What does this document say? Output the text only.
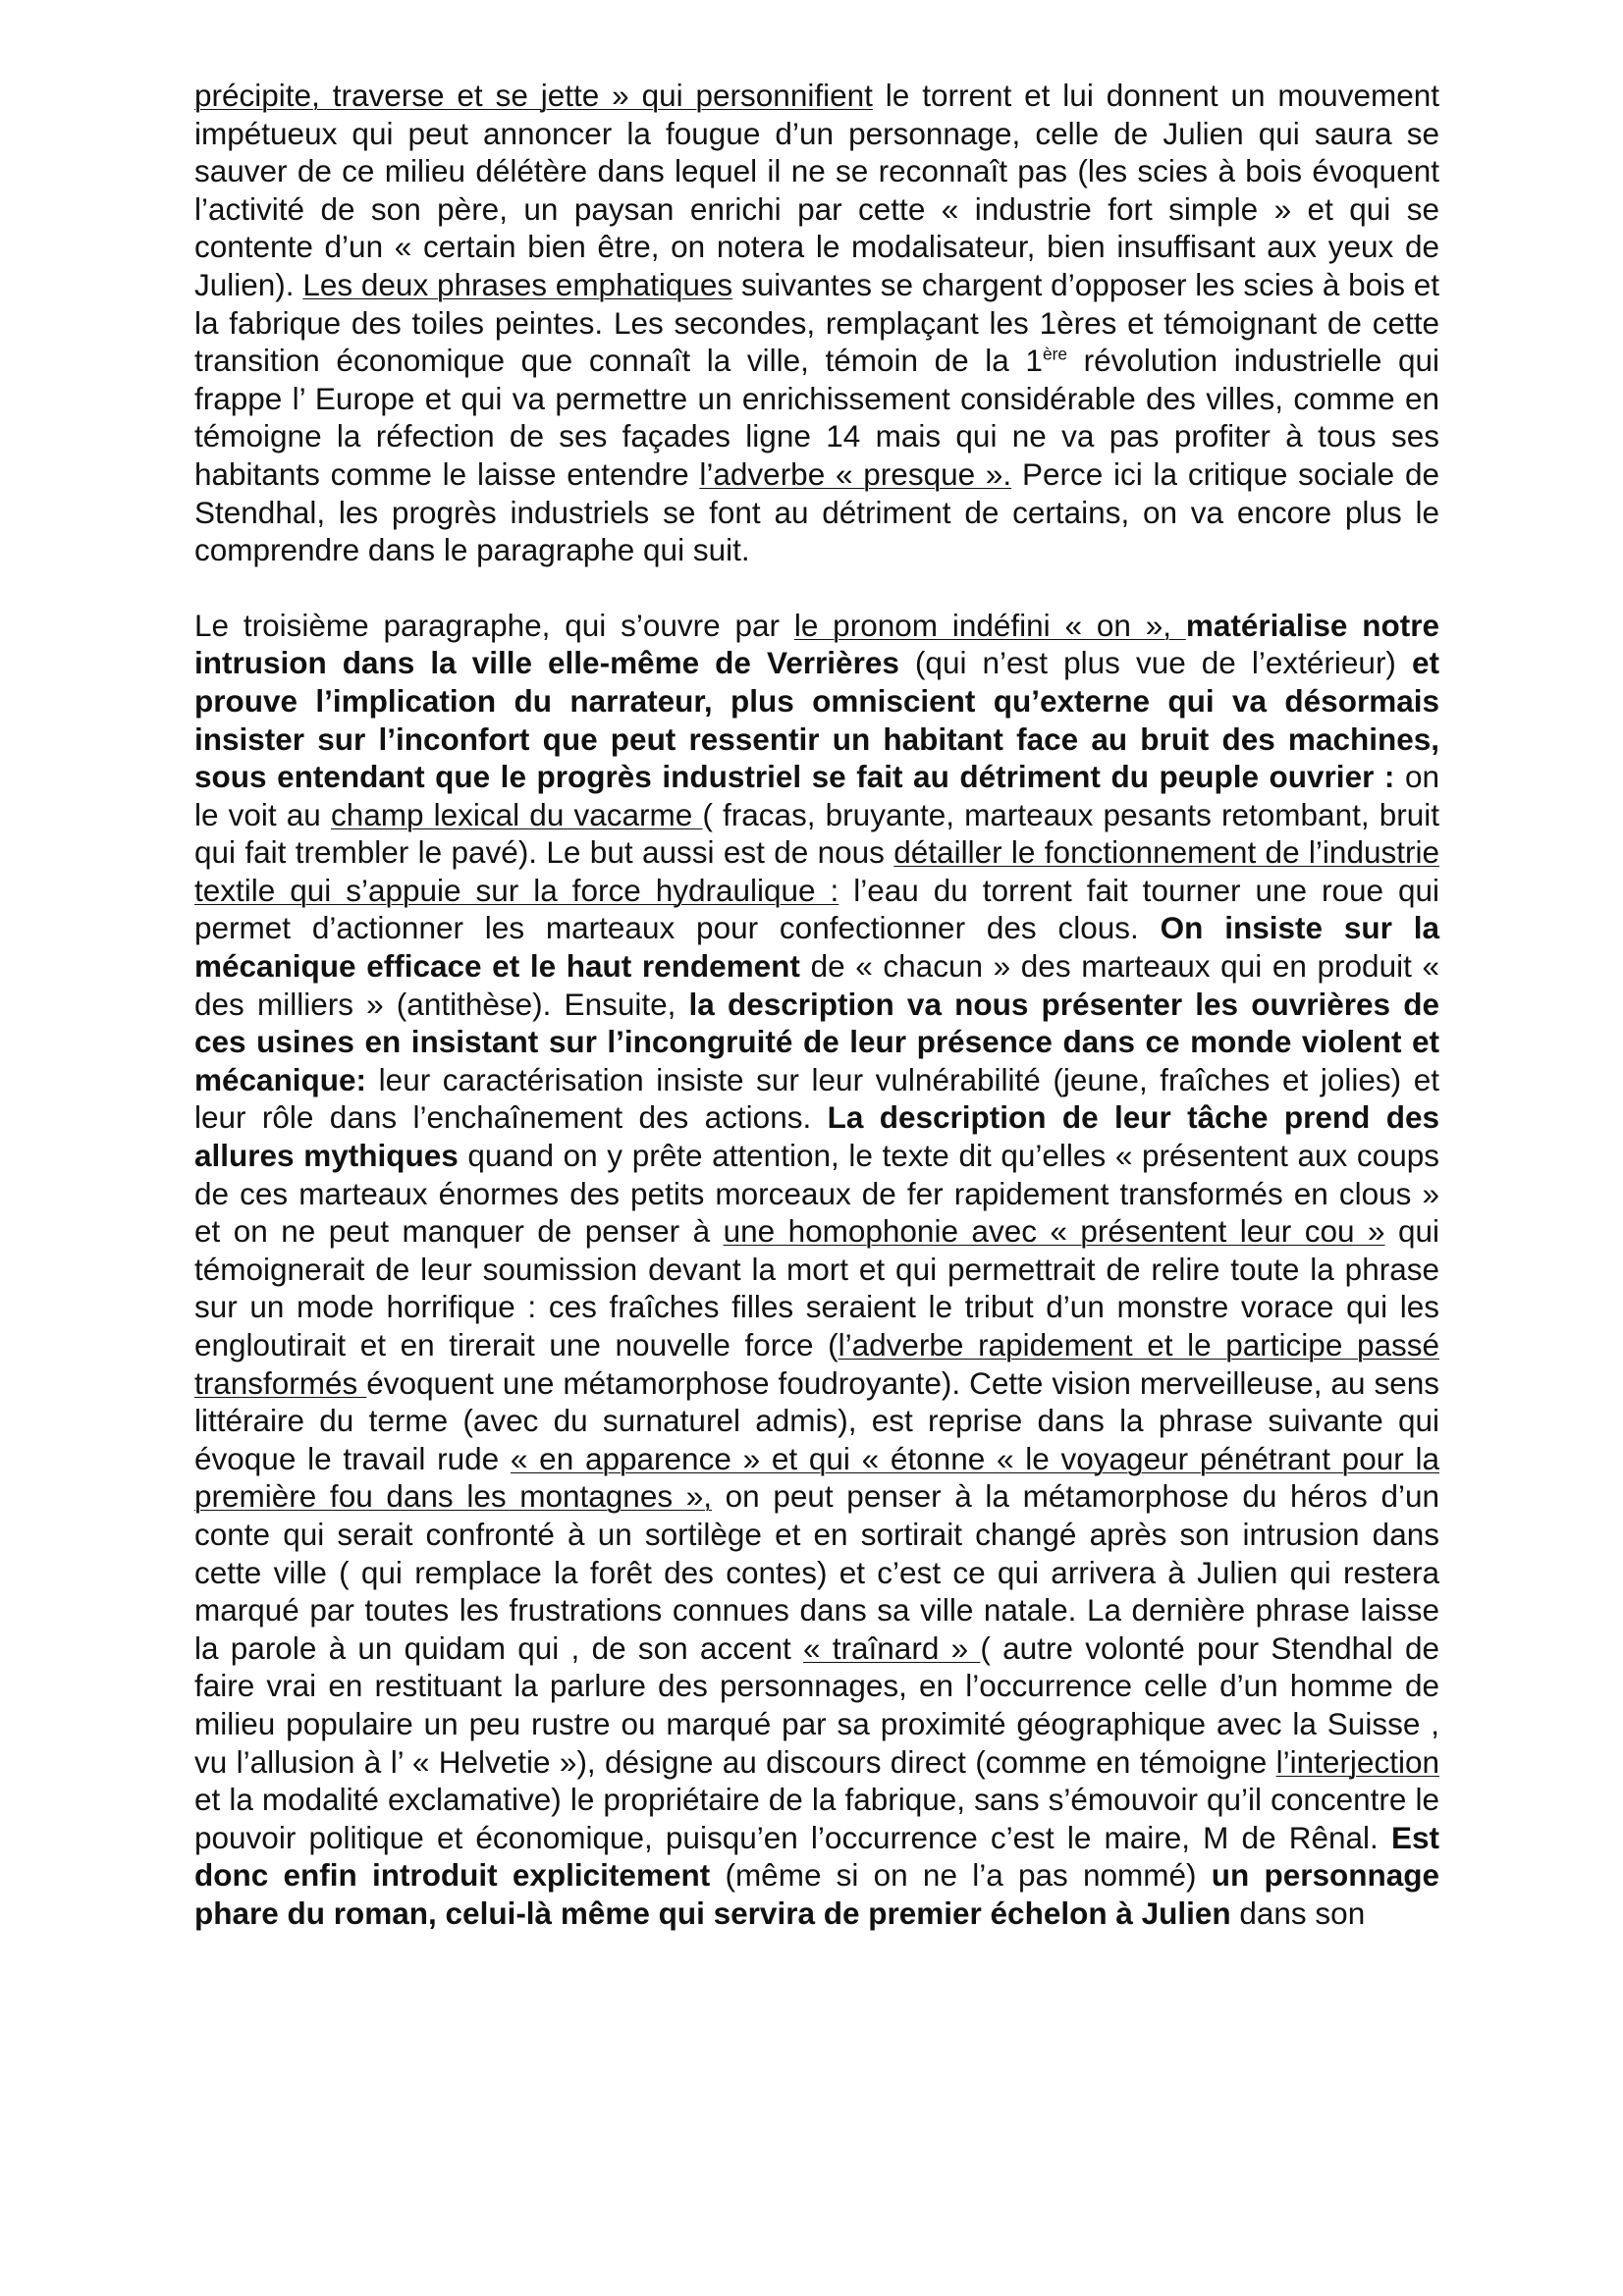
précipite, traverse et se jette » qui personnifient le torrent et lui donnent un mouvement impétueux qui peut annoncer la fougue d’un personnage, celle de Julien qui saura se sauver de ce milieu délétère dans lequel il ne se reconnaît pas (les scies à bois évoquent l’activité de son père, un paysan enrichi par cette « industrie fort simple » et qui se contente d’un « certain bien être, on notera le modalisateur, bien insuffisant aux yeux de Julien). Les deux phrases emphatiques suivantes se chargent d’opposer les scies à bois et la fabrique des toiles peintes. Les secondes, remplaçant les 1ères et témoignant de cette transition économique que connaît la ville, témoin de la 1ère révolution industrielle qui frappe l’ Europe et qui va permettre un enrichissement considérable des villes, comme en témoigne la réfection de ses façades ligne 14 mais qui ne va pas profiter à tous ses habitants comme le laisse entendre l’adverbe « presque ». Perce ici la critique sociale de Stendhal, les progrès industriels se font au détriment de certains, on va encore plus le comprendre dans le paragraphe qui suit.

Le troisième paragraphe, qui s’ouvre par le pronom indéfini « on », matérialise notre intrusion dans la ville elle-même de Verrières (qui n’est plus vue de l’extérieur) et prouve l’implication du narrateur, plus omniscient qu’externe qui va désormais insister sur l’inconfort que peut ressentir un habitant face au bruit des machines, sous entendant que le progrès industriel se fait au détriment du peuple ouvrier : on le voit au champ lexical du vacarme ( fracas, bruyante, marteaux pesants retombant, bruit qui fait trembler le pavé). Le but aussi est de nous détailler le fonctionnement de l’industrie textile qui s’appuie sur la force hydraulique : l’eau du torrent fait tourner une roue qui permet d’actionner les marteaux pour confectionner des clous. On insiste sur la mécanique efficace et le haut rendement de « chacun » des marteaux qui en produit « des milliers » (antithèse). Ensuite, la description va nous présenter les ouvrières de ces usines en insistant sur l’incongruité de leur présence dans ce monde violent et mécanique: leur caractérisation insiste sur leur vulnérabilité (jeune, fraîches et jolies) et leur rôle dans l’enchaînement des actions. La description de leur tâche prend des allures mythiques quand on y prête attention, le texte dit qu’elles « présentent aux coups de ces marteaux énormes des petits morceaux de fer rapidement transformés en clous » et on ne peut manquer de penser à une homophonie avec « présentent leur cou » qui témoignerait de leur soumission devant la mort et qui permettrait de relire toute la phrase sur un mode horrifique : ces fraîches filles seraient le tribut d’un monstre vorace qui les engloutirait et en tirerait une nouvelle force (l’adverbe rapidement et le participe passé transformés évoquent une métamorphose foudroyante). Cette vision merveilleuse, au sens littéraire du terme (avec du surnaturel admis), est reprise dans la phrase suivante qui évoque le travail rude « en apparence » et qui « étonne « le voyageur pénétrant pour la première fou dans les montagnes », on peut penser à la métamorphose du héros d’un conte qui serait confronté à un sortilège et en sortirait changé après son intrusion dans cette ville ( qui remplace la forêt des contes) et c’est ce qui arrivera à Julien qui restera marqué par toutes les frustrations connues dans sa ville natale. La dernière phrase laisse la parole à un quidam qui , de son accent « traînard » ( autre volonté pour Stendhal de faire vrai en restituant la parlure des personnages, en l’occurrence celle d’un homme de milieu populaire un peu rustre ou marqué par sa proximité géographique avec la Suisse , vu l’allusion à l’ « Helvetie »), désigne au discours direct (comme en témoigne l’interjection et la modalité exclamative) le propriétaire de la fabrique, sans s’émouvoir qu’il concentre le pouvoir politique et économique, puisqu’en l’occurrence c’est le maire, M de Rênal. Est donc enfin introduit explicitement (même si on ne l’a pas nommé) un personnage phare du roman, celui-là même qui servira de premier échelon à Julien dans son
